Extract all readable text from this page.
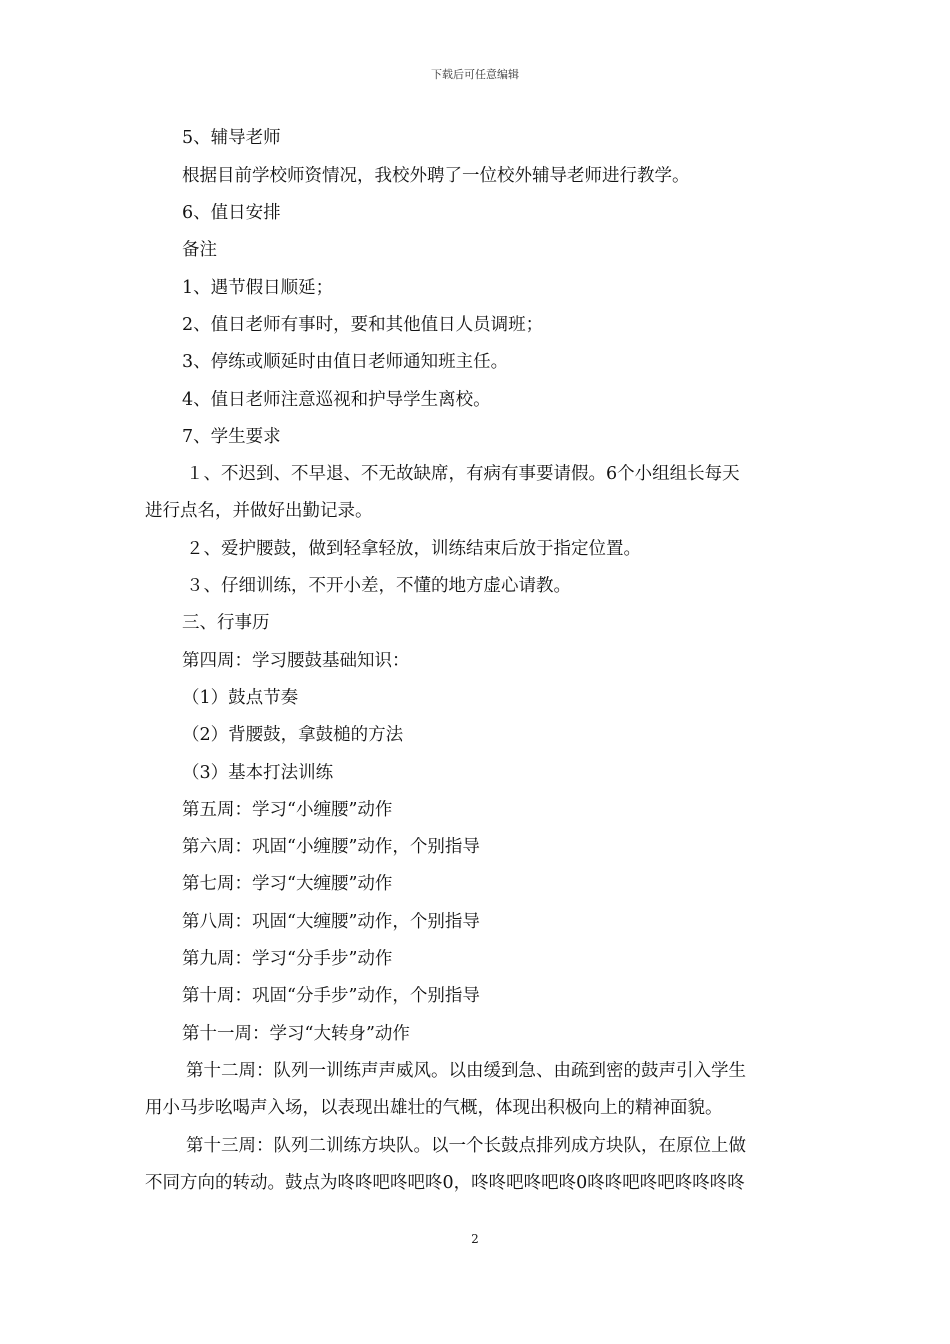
下载后可任意编辑
5、辅导老师
根据目前学校师资情况，我校外聘了一位校外辅导老师进行教学。
6、值日安排
备注
1、遇节假日顺延；
2、值日老师有事时，要和其他值日人员调班；
3、停练或顺延时由值日老师通知班主任。
4、值日老师注意巡视和护导学生离校。
7、学生要求
１、不迟到、不早退、不无故缺席，有病有事要请假。6个小组组长每天
进行点名，并做好出勤记录。
２、爱护腰鼓，做到轻拿轻放，训练结束后放于指定位置。
３、仔细训练，不开小差，不懂的地方虚心请教。
三、行事历
第四周：学习腰鼓基础知识：
（1）鼓点节奏
（2）背腰鼓，拿鼓槌的方法
（3）基本打法训练
第五周：学习“小缠腰”动作
第六周：巩固“小缠腰”动作，个别指导
第七周：学习“大缠腰”动作
第八周：巩固“大缠腰”动作，个别指导
第九周：学习“分手步”动作
第十周：巩固“分手步”动作，个别指导
第十一周：学习“大转身”动作
第十二周：队列一训练声声威风。以由缓到急、由疏到密的鼓声引入学生
用小马步吆喝声入场，以表现出雄壮的气概，体现出积极向上的精神面貌。
第十三周：队列二训练方块队。以一个长鼓点排列成方块队，在原位上做
不同方向的转动。鼓点为咚咚吧咚吧咚0，咚咚吧咚吧咚0咚咚吧咚吧咚咚咚咚
2
